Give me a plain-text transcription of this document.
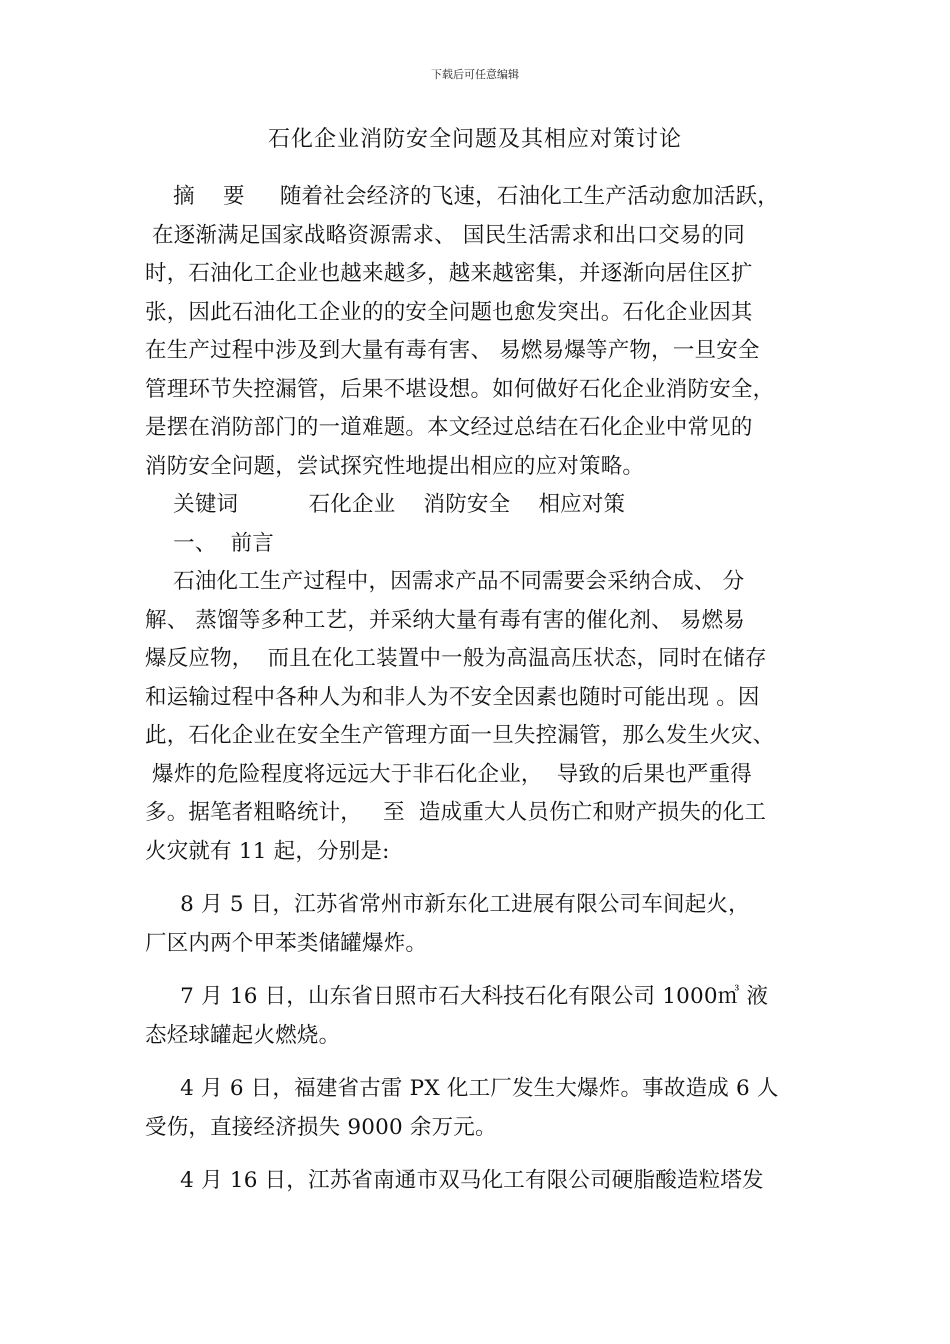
下载后可任意编辑
石化企业消防安全问题及其相应对策讨论
摘    要     随着社会经济的飞速，石油化工生产活动愈加活跃，
在逐渐满足国家战略资源需求、 国民生活需求和出口交易的同
时，石油化工企业也越来越多，越来越密集，并逐渐向居住区扩
张，因此石油化工企业的的安全问题也愈发突出。石化企业因其
在生产过程中涉及到大量有毒有害、 易燃易爆等产物，一旦安全
管理环节失控漏管，后果不堪设想。如何做好石化企业消防安全，
是摆在消防部门的一道难题。本文经过总结在石化企业中常见的
消防安全问题，尝试探究性地提出相应的应对策略。
关键词          石化企业    消防安全    相应对策
一、  前言
石油化工生产过程中，因需求产品不同需要会采纳合成、 分
解、 蒸馏等多种工艺，并采纳大量有毒有害的催化剂、 易燃易
爆反应物，  而且在化工装置中一般为高温高压状态，同时在储存
和运输过程中各种人为和非人为不安全因素也随时可能出现 。因
此，石化企业在安全生产管理方面一旦失控漏管，那么发生火灾、
爆炸的危险程度将远远大于非石化企业，  导致的后果也严重得
多。据笔者粗略统计，   至  造成重大人员伤亡和财产损失的化工
火灾就有 11 起，分别是:
8 月 5 日，江苏省常州市新东化工进展有限公司车间起火，
厂区内两个甲苯类储罐爆炸。
7 月 16 日，山东省日照市石大科技石化有限公司 1000㎥ 液
态烃球罐起火燃烧。
4 月 6 日，福建省古雷 PX 化工厂发生大爆炸。事故造成 6 人
受伤，直接经济损失 9000 余万元。
4 月 16 日，江苏省南通市双马化工有限公司硬脂酸造粒塔发
